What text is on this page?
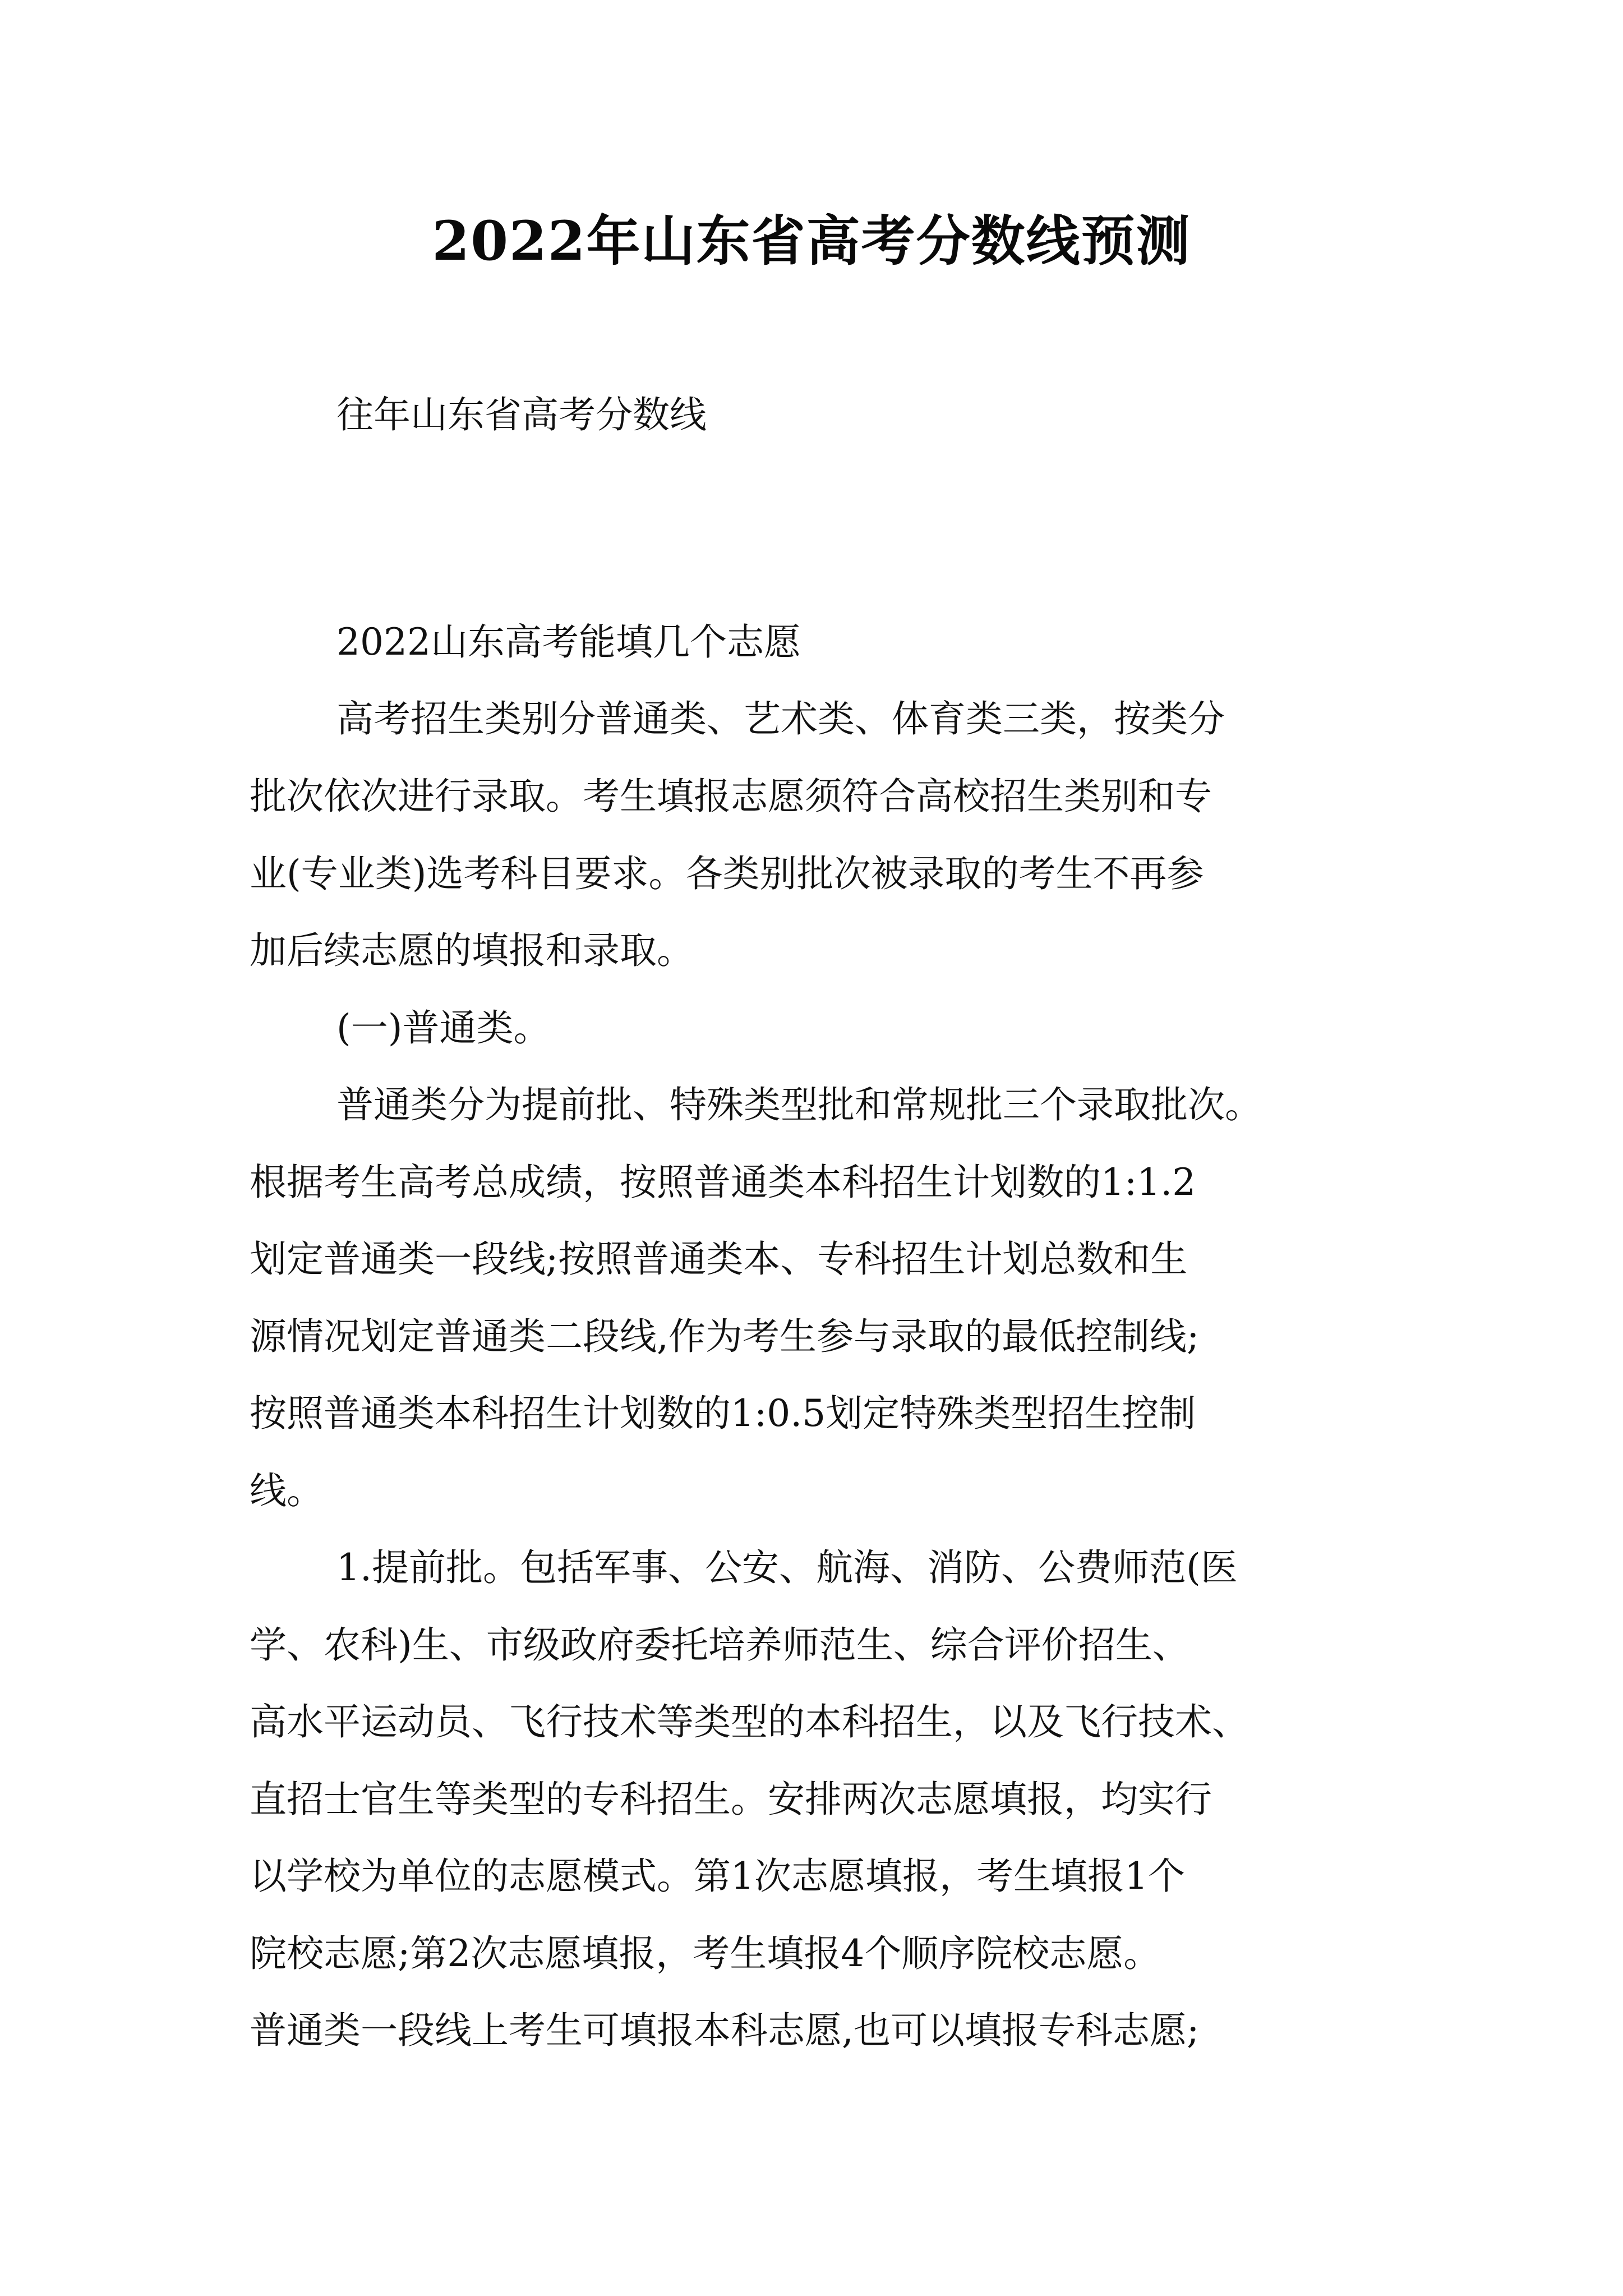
2022年山东省高考分数线预测
往年山东省高考分数线
2022山东高考能填几个志愿
高考招生类别分普通类、艺术类、体育类三类，按类分
批次依次进行录取。考生填报志愿须符合高校招生类别和专
业(专业类)选考科目要求。各类别批次被录取的考生不再参
加后续志愿的填报和录取。
(一)普通类。
普通类分为提前批、特殊类型批和常规批三个录取批次。
根据考生高考总成绩，按照普通类本科招生计划数的1:1.2
划定普通类一段线;按照普通类本、专科招生计划总数和生
源情况划定普通类二段线,作为考生参与录取的最低控制线;
按照普通类本科招生计划数的1:0.5划定特殊类型招生控制
线。
1.提前批。包括军事、公安、航海、消防、公费师范(医
学、农科)生、市级政府委托培养师范生、综合评价招生、
高水平运动员、飞行技术等类型的本科招生，以及飞行技术、
直招士官生等类型的专科招生。安排两次志愿填报，均实行
以学校为单位的志愿模式。第1次志愿填报，考生填报1个
院校志愿;第2次志愿填报，考生填报4个顺序院校志愿。
普通类一段线上考生可填报本科志愿,也可以填报专科志愿;
